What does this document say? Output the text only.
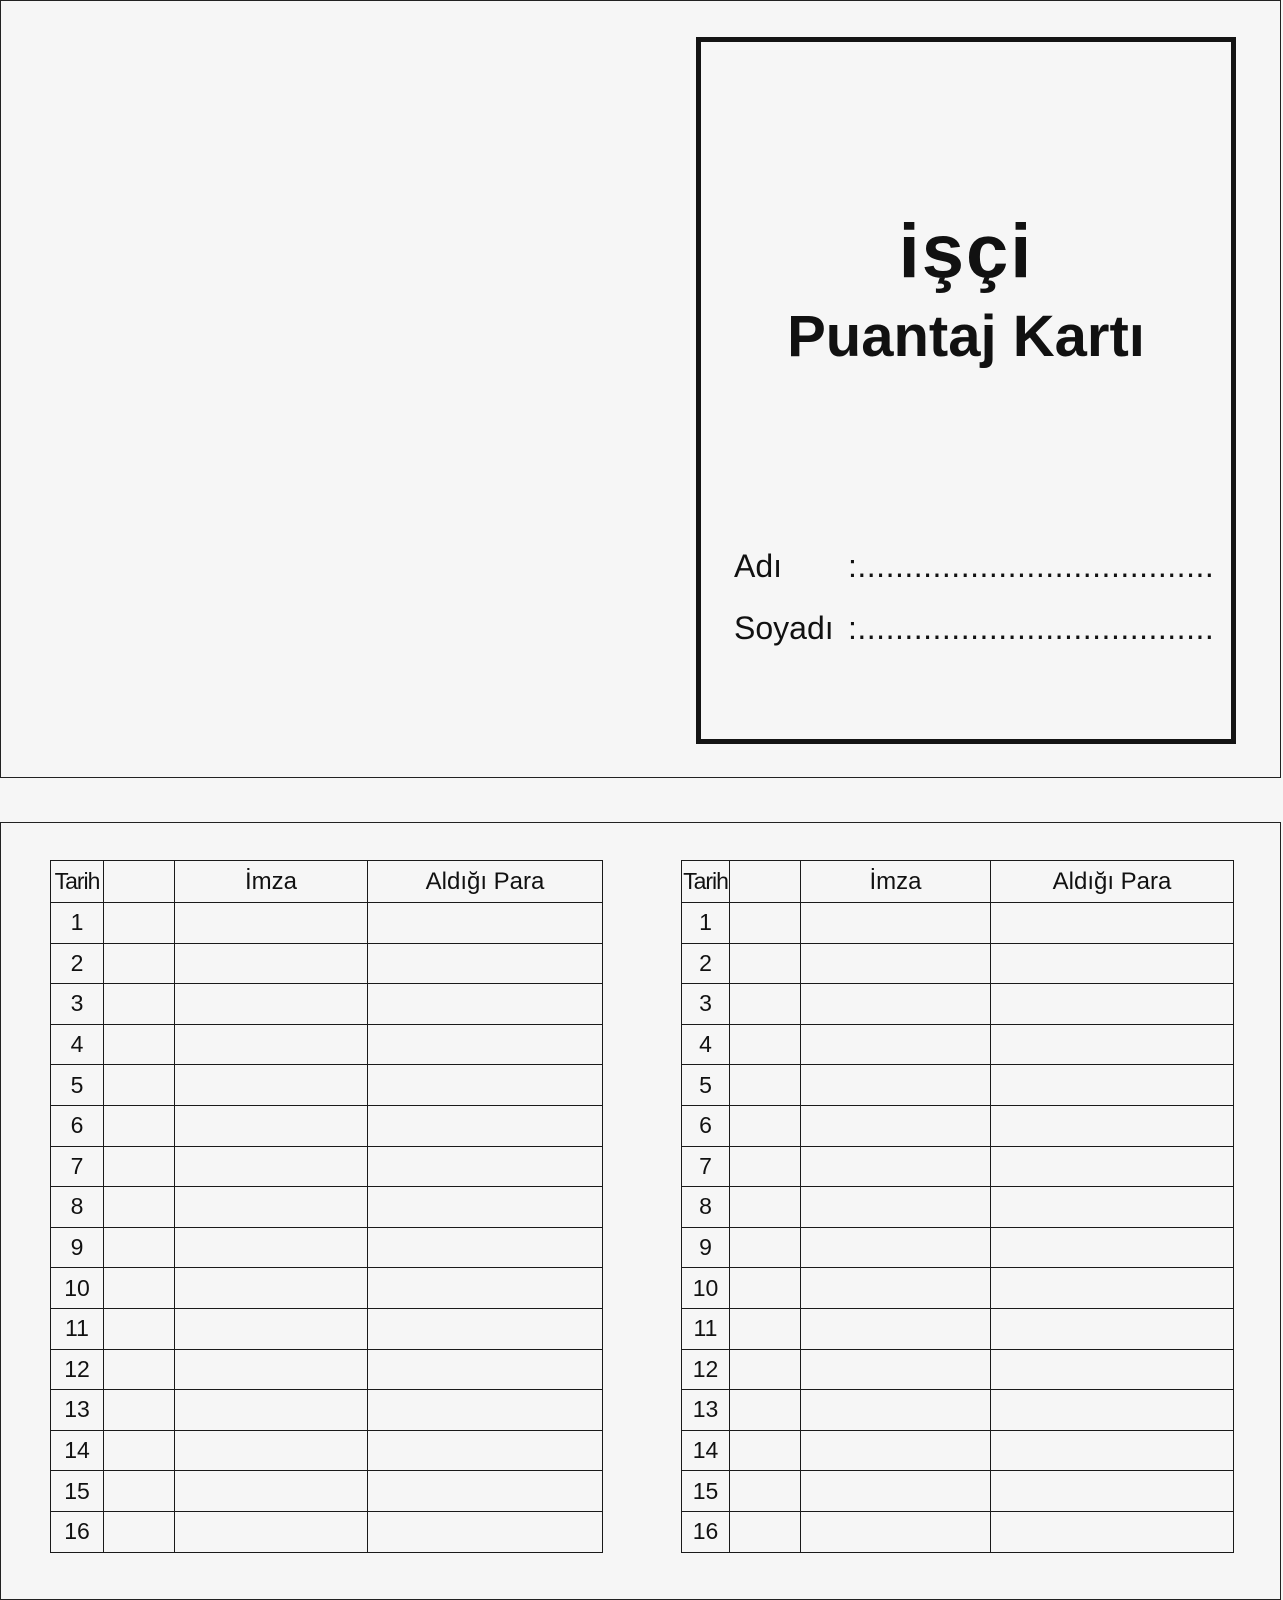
işçi
Puantaj Kartı
Adı :......................................
Soyadı :......................................
Tarih		İmza	Aldığı Para
1			
2			
3			
4			
5			
6			
7			
8			
9			
10			
11			
12			
13			
14			
15			
16			
Tarih		İmza	Aldığı Para
1			
2			
3			
4			
5			
6			
7			
8			
9			
10			
11			
12			
13			
14			
15			
16			
